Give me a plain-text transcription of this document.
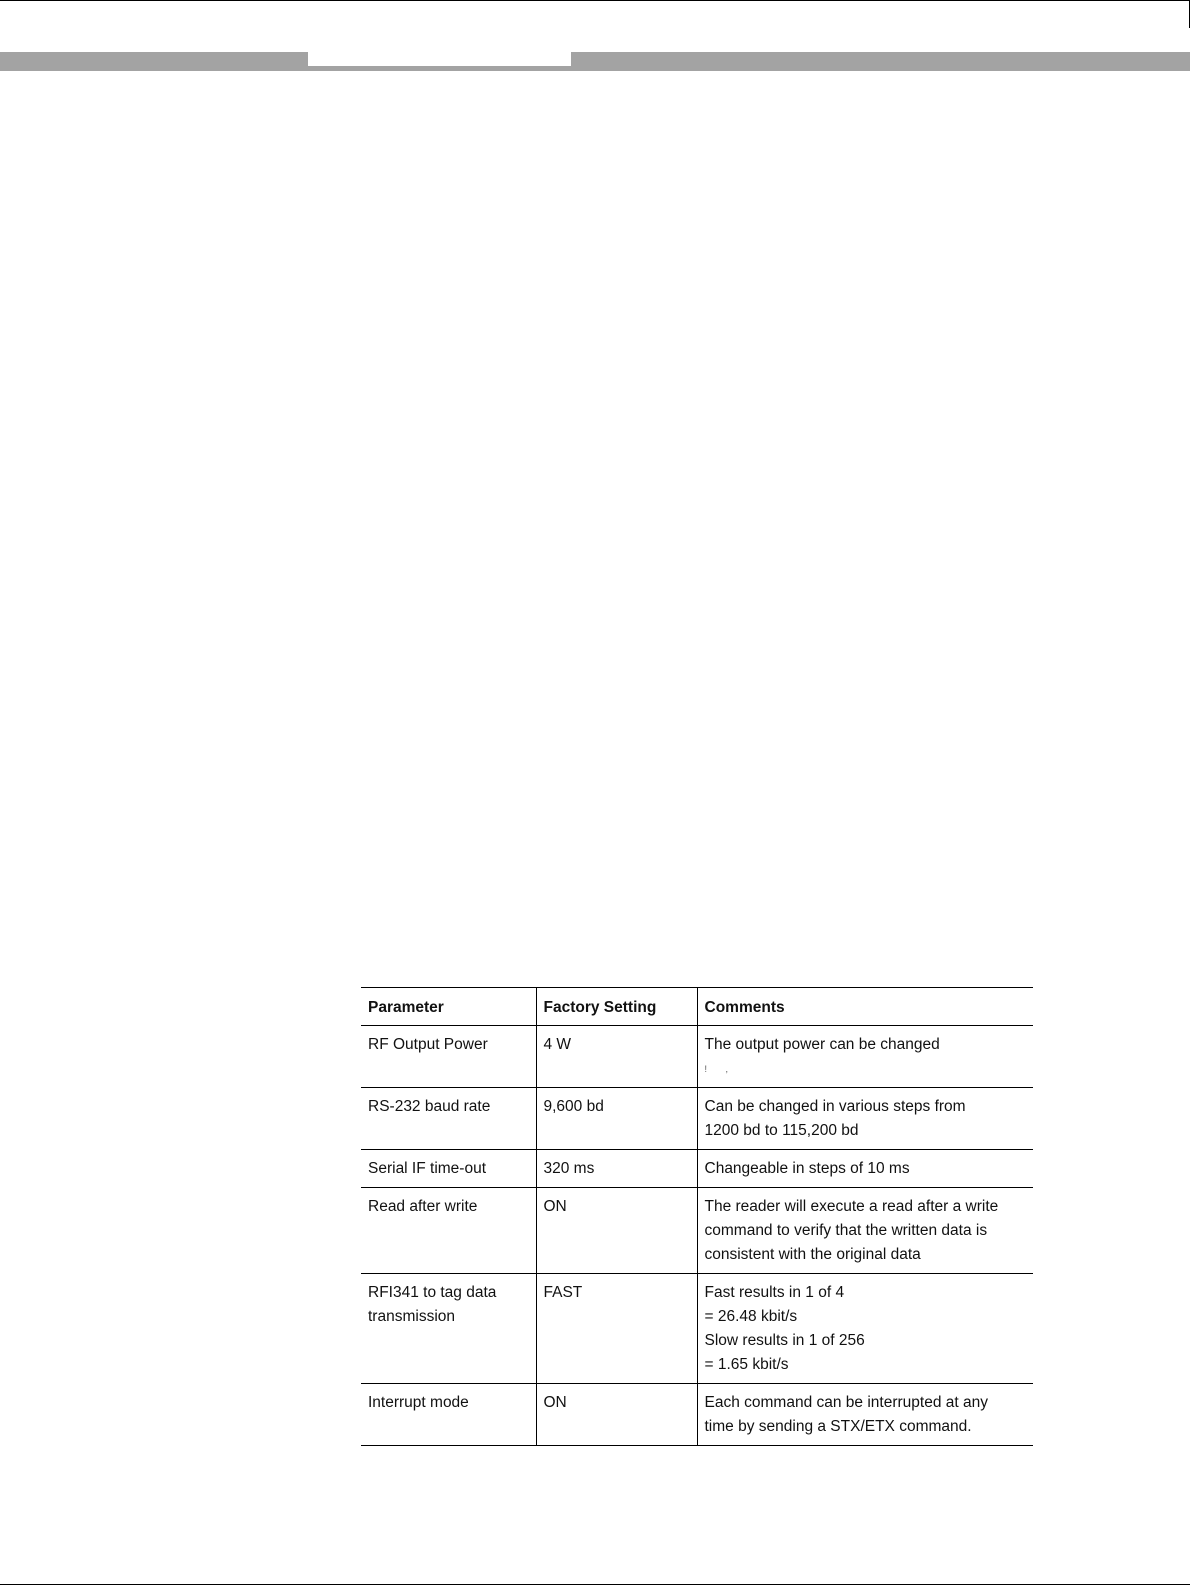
Parameter	Factory Setting	Comments

RF Output Power	4 W	The output power can be changed
! ,

RS-232 baud rate	9,600 bd	Can be changed in various steps from
1200 bd to 115,200 bd

Serial IF time-out	320 ms	Changeable in steps of 10 ms

Read after write	ON	The reader will execute a read after a write
command to verify that the written data is
consistent with the original data

RFI341 to tag data
transmission	FAST	Fast results in 1 of 4
= 26.48 kbit/s
Slow results in 1 of 256
= 1.65 kbit/s

Interrupt mode	ON	Each command can be interrupted at any
time by sending a STX/ETX command.
